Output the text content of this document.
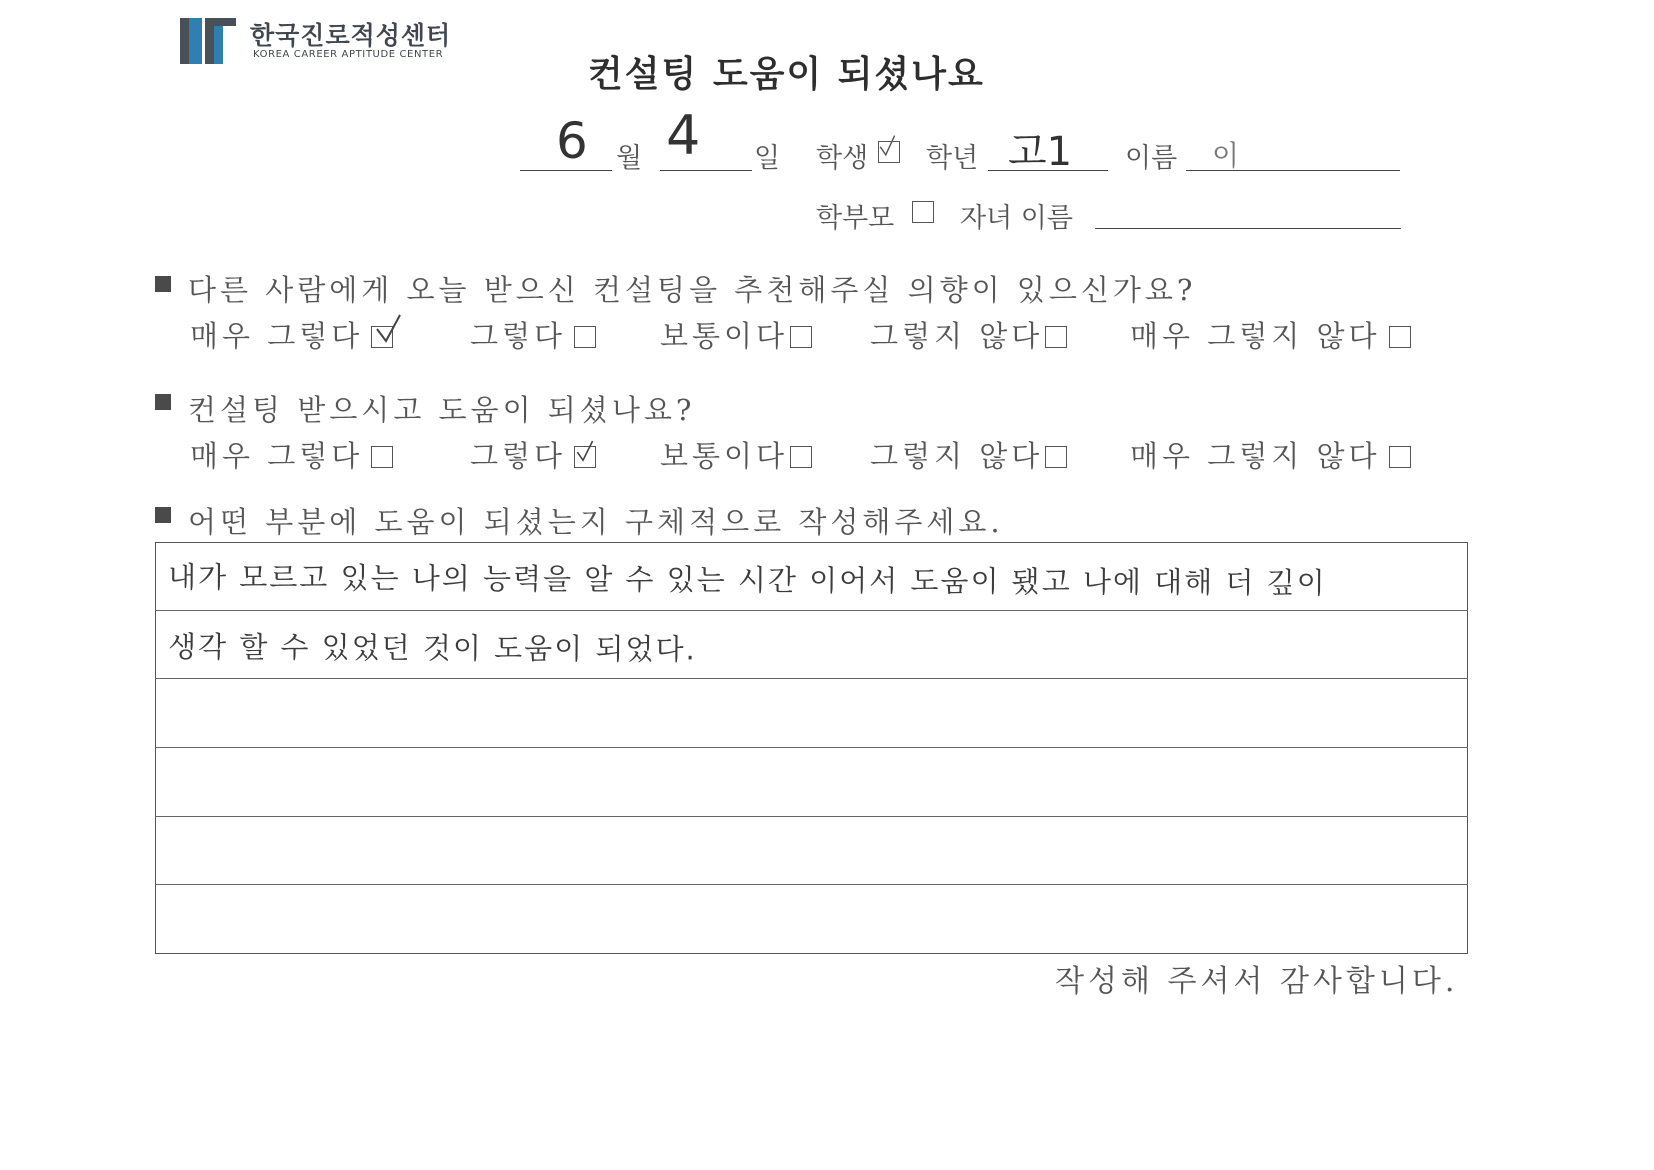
한국진로적성센터
KOREA CAREER APTITUDE CENTER	컨설팅 도움이 되셨나요
6 월 4 일 학생 학년 고1 이름 이
학부모 자녀 이름
다른 사람에게 오늘 받으신 컨설팅을 추천해주실 의향이 있으신가요?
매우 그렇다	그렇다	보통이다	그렇지 않다	매우 그렇지 않다
컨설팅 받으시고 도움이 되셨나요?
매우 그렇다	그렇다	보통이다	그렇지 않다	매우 그렇지 않다
어떤 부분에 도움이 되셨는지 구체적으로 작성해주세요.
내가 모르고 있는 나의 능력을 알 수 있는 시간 이어서 도움이 됐고 나에 대해 더 깊이
생각 할 수 있었던 것이 도움이 되었다.
작성해 주셔서 감사합니다.
